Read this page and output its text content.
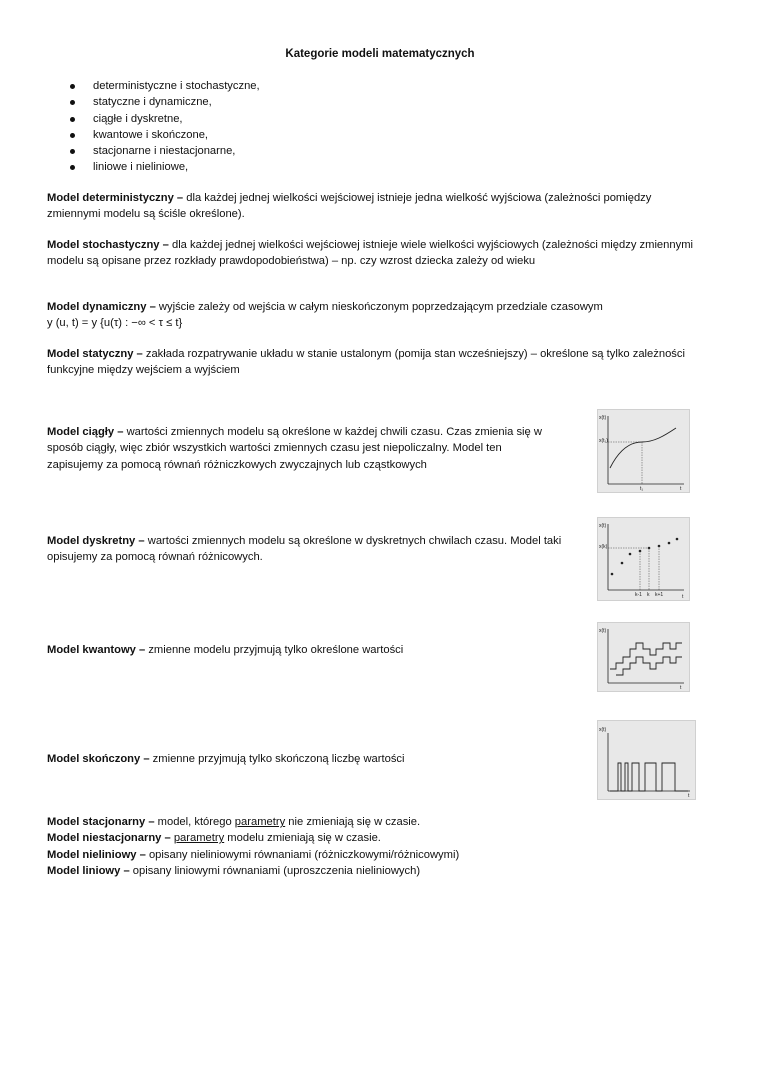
Kategorie modeli matematycznych
deterministyczne i stochastyczne,
statyczne i dynamiczne,
ciągłe i dyskretne,
kwantowe i skończone,
stacjonarne i niestacjonarne,
liniowe i nieliniowe,

Model deterministyczny – dla każdej jednej wielkości wejściowej istnieje jedna wielkość wyjściowa (zależności pomiędzy
zmiennymi modelu są ściśle określone).

Model stochastyczny – dla każdej jednej wielkości wejściowej istnieje wiele wielkości wyjściowych (zależności między zmiennymi
modelu są opisane przez rozkłady prawdopodobieństwa) – np. czy wzrost dziecka zależy od wieku

Model dynamiczny – wyjście zależy od wejścia w całym nieskończonym poprzedzającym przedziale czasowym
y (u, t) = y {u(τ) : −∞ < τ ≤ t}

Model statyczny – zakłada rozpatrywanie układu w stanie ustalonym (pomija stan wcześniejszy) – określone są tylko zależności
funkcyjne między wejściem a wyjściem

Model ciągły – wartości zmiennych modelu są określone w każdej chwili czasu. Czas zmienia się w
sposób ciągły, więc zbiór wszystkich wartości zmiennych czasu jest niepoliczalny. Model ten
zapisujemy za pomocą równań różniczkowych zwyczajnych lub cząstkowych

x(t)
x(t₁)
t₁	t

Model dyskretny – wartości zmiennych modelu są określone w dyskretnych chwilach czasu. Model taki
opisujemy za pomocą równań różnicowych.

x(t)
x(k)
k-1 k k+1	t

Model kwantowy – zmienne modelu przyjmują tylko określone wartości

x(t)
t

Model skończony – zmienne przyjmują tylko skończoną liczbę wartości

x(t)
t

Model stacjonarny – model, którego parametry nie zmieniają się w czasie.
Model niestacjonarny – parametry modelu zmieniają się w czasie.
Model nieliniowy – opisany nieliniowymi równaniami (różniczkowymi/różnicowymi)
Model liniowy – opisany liniowymi równaniami (uproszczenia nieliniowych)
